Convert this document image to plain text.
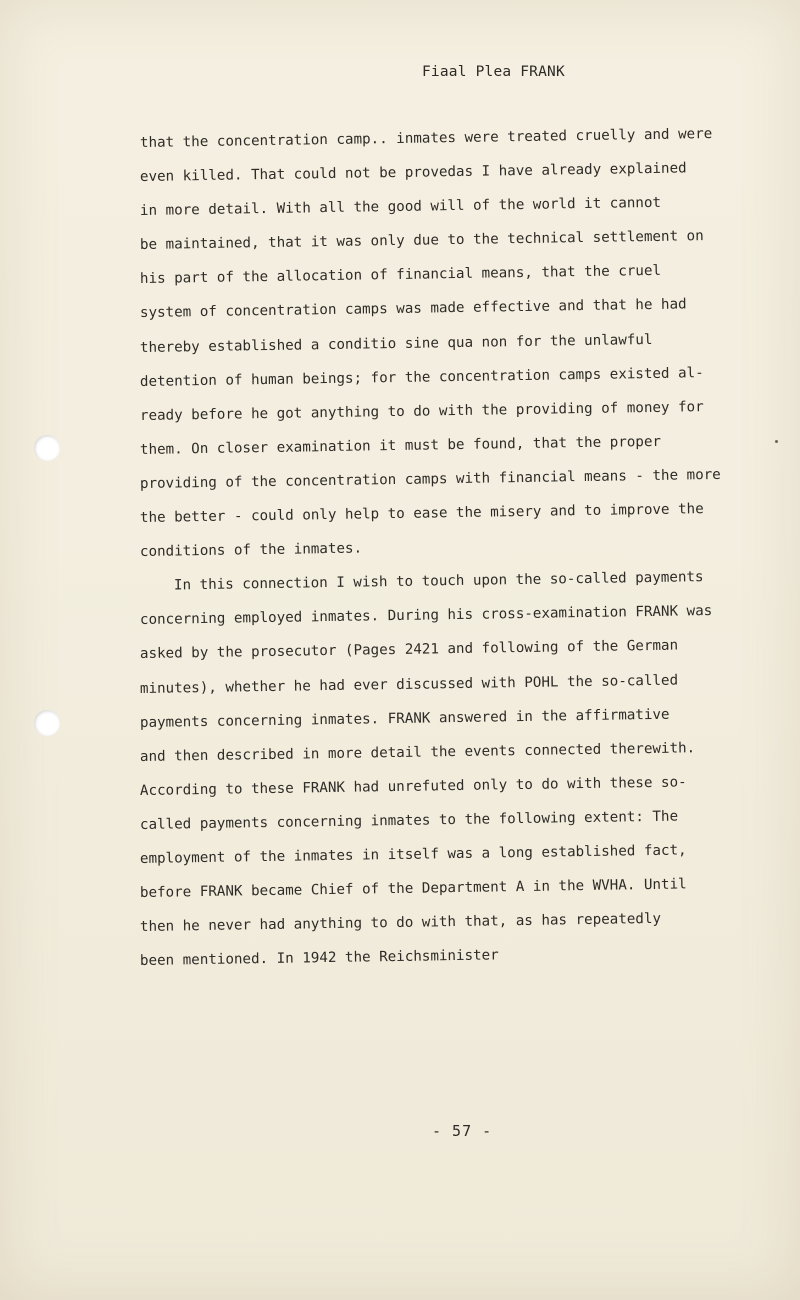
Fiaal Plea FRANK
that the concentration camp.. inmates were treated cruelly and were
even killed. That could not be provedas I have already explained
in more detail. With all the good will of the world it cannot
be maintained, that it was only due to the technical settlement on
his part of the allocation of financial means, that the cruel
system of concentration camps was made effective and that he had
thereby established a conditio sine qua non for the unlawful
detention of human beings; for the concentration camps existed al-
ready before he got anything to do with the providing of money for
them. On closer examination it must be found, that the proper
providing of the concentration camps with financial means - the more
the better - could only help to ease the misery and to improve the
conditions of the inmates.
In this connection I wish to touch upon the so-called payments
concerning employed inmates. During his cross-examination FRANK was
asked by the prosecutor (Pages 2421 and following of the German
minutes), whether he had ever discussed with POHL the so-called
payments concerning inmates. FRANK answered in the affirmative
and then described in more detail the events connected therewith.
According to these FRANK had unrefuted only to do with these so-
called payments concerning inmates to the following extent: The
employment of the inmates in itself was a long established fact,
before FRANK became Chief of the Department A in the WVHA. Until
then he never had anything to do with that, as has repeatedly
been mentioned. In 1942 the Reichsminister
- 57 -
